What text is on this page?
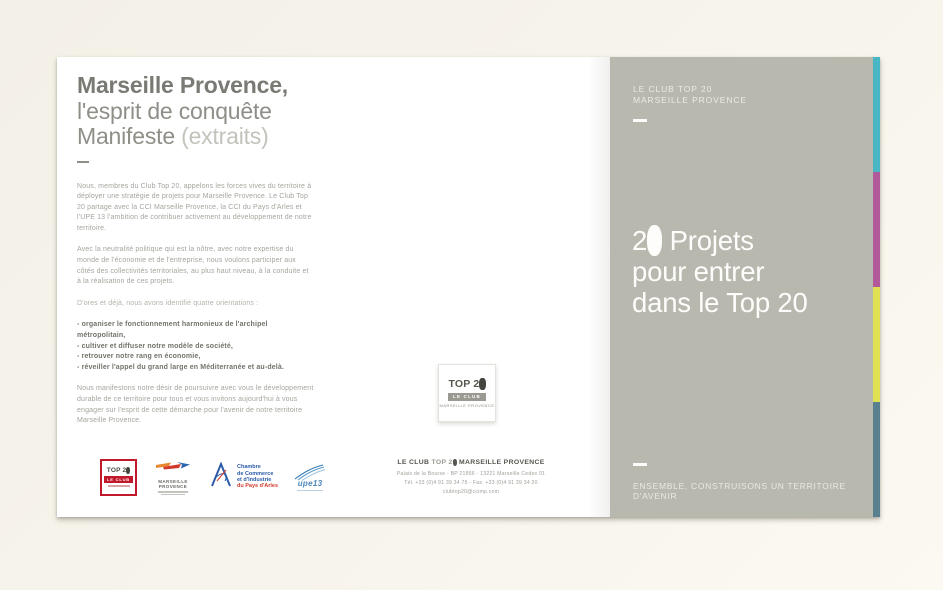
Marseille Provence,
l'esprit de conquête
Manifeste (extraits)

Nous, membres du Club Top 20, appelons les forces vives du territoire à déployer une stratégie de projets pour Marseille Provence. Le Club Top 20 partage avec la CCI Marseille Provence, la CCI du Pays d'Arles et l'UPE 13 l'ambition de contribuer activement au développement de notre territoire.

Avec la neutralité politique qui est la nôtre, avec notre expertise du monde de l'économie et de l'entreprise, nous voulons participer aux côtés des collectivités territoriales, au plus haut niveau, à la conduite et à la réalisation de ces projets.

D'ores et déjà, nous avons identifié quatre orientations :

- organiser le fonctionnement harmonieux de l'archipel métropolitain,
- cultiver et diffuser notre modèle de société,
- retrouver notre rang en économie,
- réveiller l'appel du grand large en Méditerranée et au-delà.

Nous manifestons notre désir de poursuivre avec vous le développement durable de ce territoire pour tous et vous invitons aujourd'hui à vous engager sur l'esprit de cette démarche pour l'avenir de notre territoire Marseille Provence.

TOP 20
LE CLUB	MARSEILLE
PROVENCE
Chambre
de Commerce
et d'Industrie
du Pays d'Arles upe13
TOP 20
LE CLUB
MARSEILLE PROVENCE
LE CLUB TOP 20 MARSEILLE PROVENCE
Palais de la Bourse - BP 21856 - 13221 Marseille Cedex 01
Tél. +33 (0)4 91 39 34 75 - Fax. +33 (0)4 91 39 34 20
clubtop20@ccimp.com
LE CLUB TOP 20
MARSEILLE PROVENCE
20 Projets
pour entrer
dans le Top 20
ENSEMBLE, CONSTRUISONS UN TERRITOIRE D'AVENIR
